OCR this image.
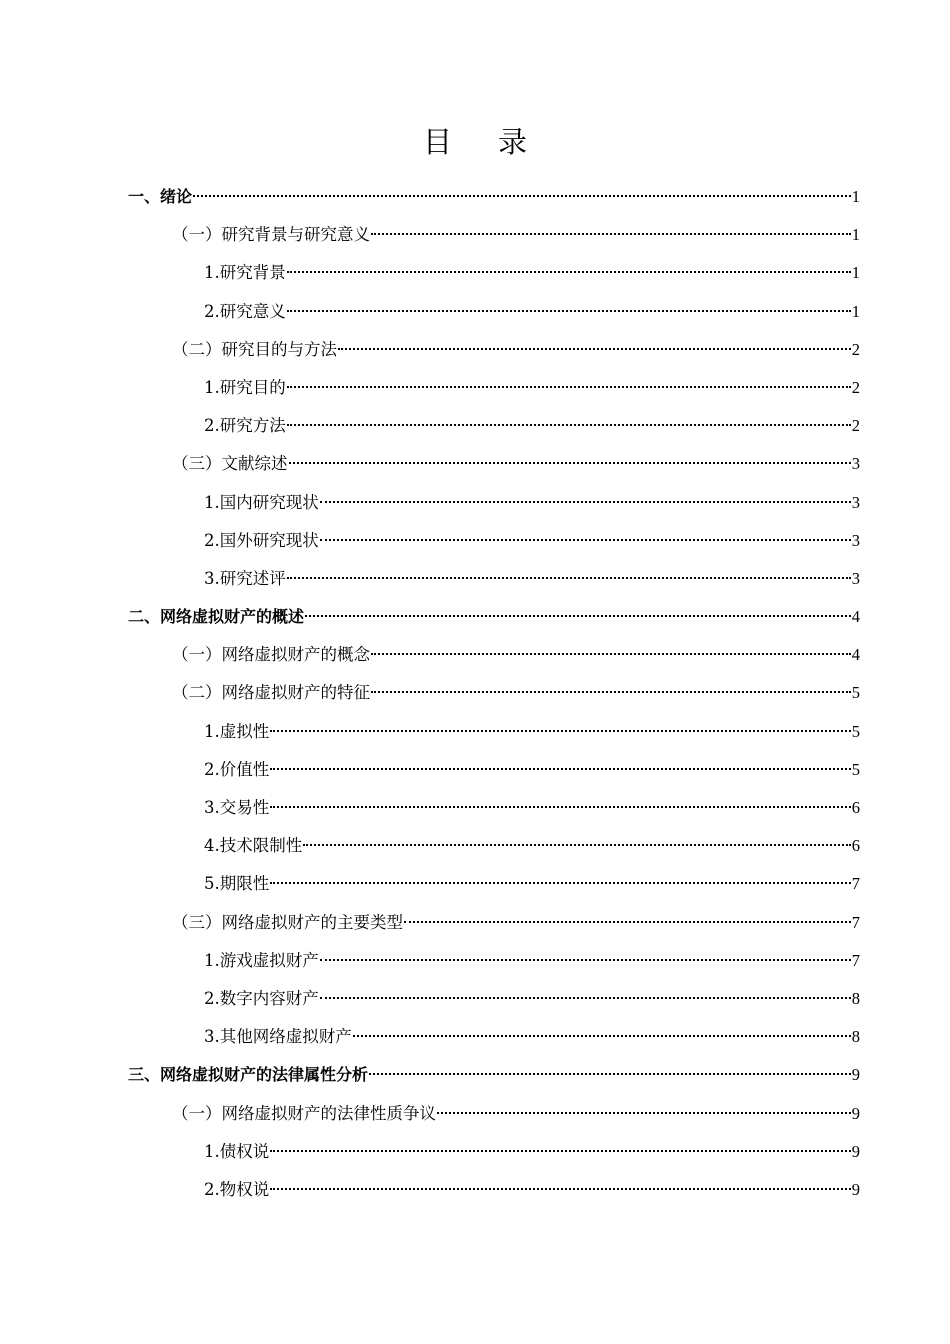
目录
一、绪论	1
（一）研究背景与研究意义	1
1.研究背景	1
2.研究意义	1
（二）研究目的与方法	2
1.研究目的	2
2.研究方法	2
（三）文献综述	3
1.国内研究现状	3
2.国外研究现状	3
3.研究述评	3
二、网络虚拟财产的概述	4
（一）网络虚拟财产的概念	4
（二）网络虚拟财产的特征	5
1.虚拟性	5
2.价值性	5
3.交易性	6
4.技术限制性	6
5.期限性	7
（三）网络虚拟财产的主要类型	7
1.游戏虚拟财产	7
2.数字内容财产	8
3.其他网络虚拟财产	8
三、网络虚拟财产的法律属性分析	9
（一）网络虚拟财产的法律性质争议	9
1.债权说	9
2.物权说	9
